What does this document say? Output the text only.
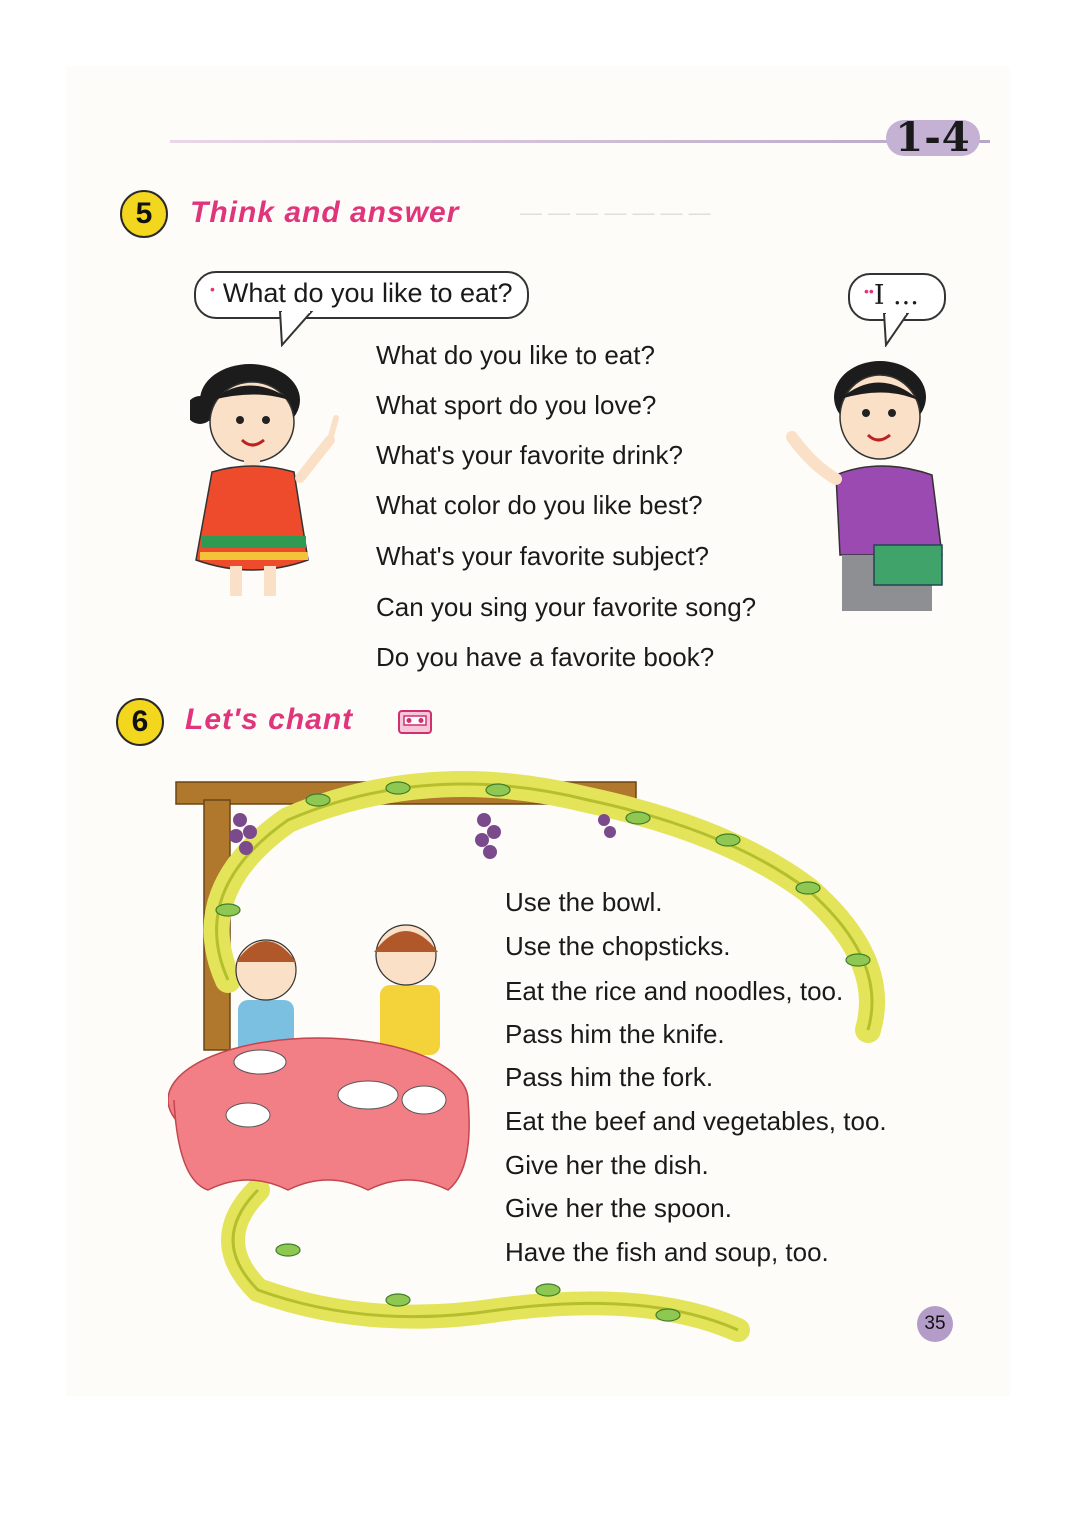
— — — — — — —
1-4
5	Think and answer
• What do you like to eat?	••I ...
What do you like to eat?
What sport do you love?
What's your favorite drink?
What color do you like best?
What's your favorite subject?
Can you sing your favorite song?
Do you have a favorite book?
6	Let's chant
Use the bowl.
Use the chopsticks.
Eat the rice and noodles, too.
Pass him the knife.
Pass him the fork.
Eat the beef and vegetables, too.
Give her the dish.
Give her the spoon.
Have the fish and soup, too.
35
